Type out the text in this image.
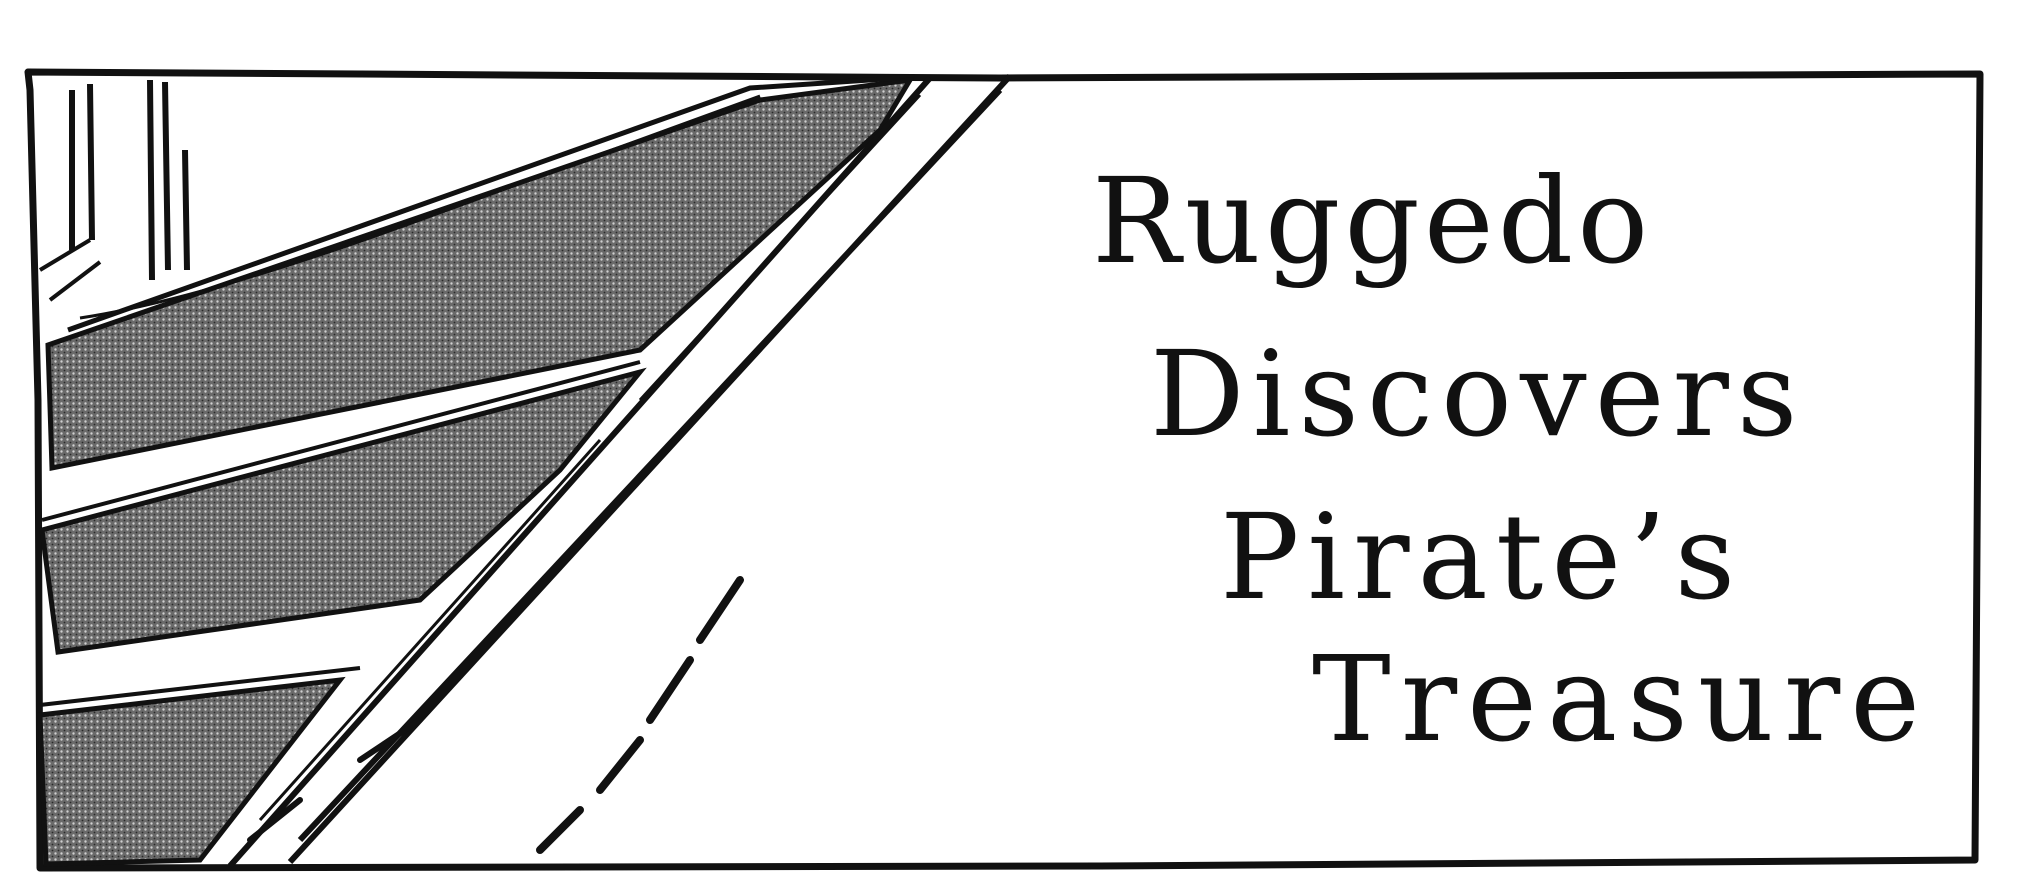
Ruggedo
Discovers
Pirate’s
Treasure
